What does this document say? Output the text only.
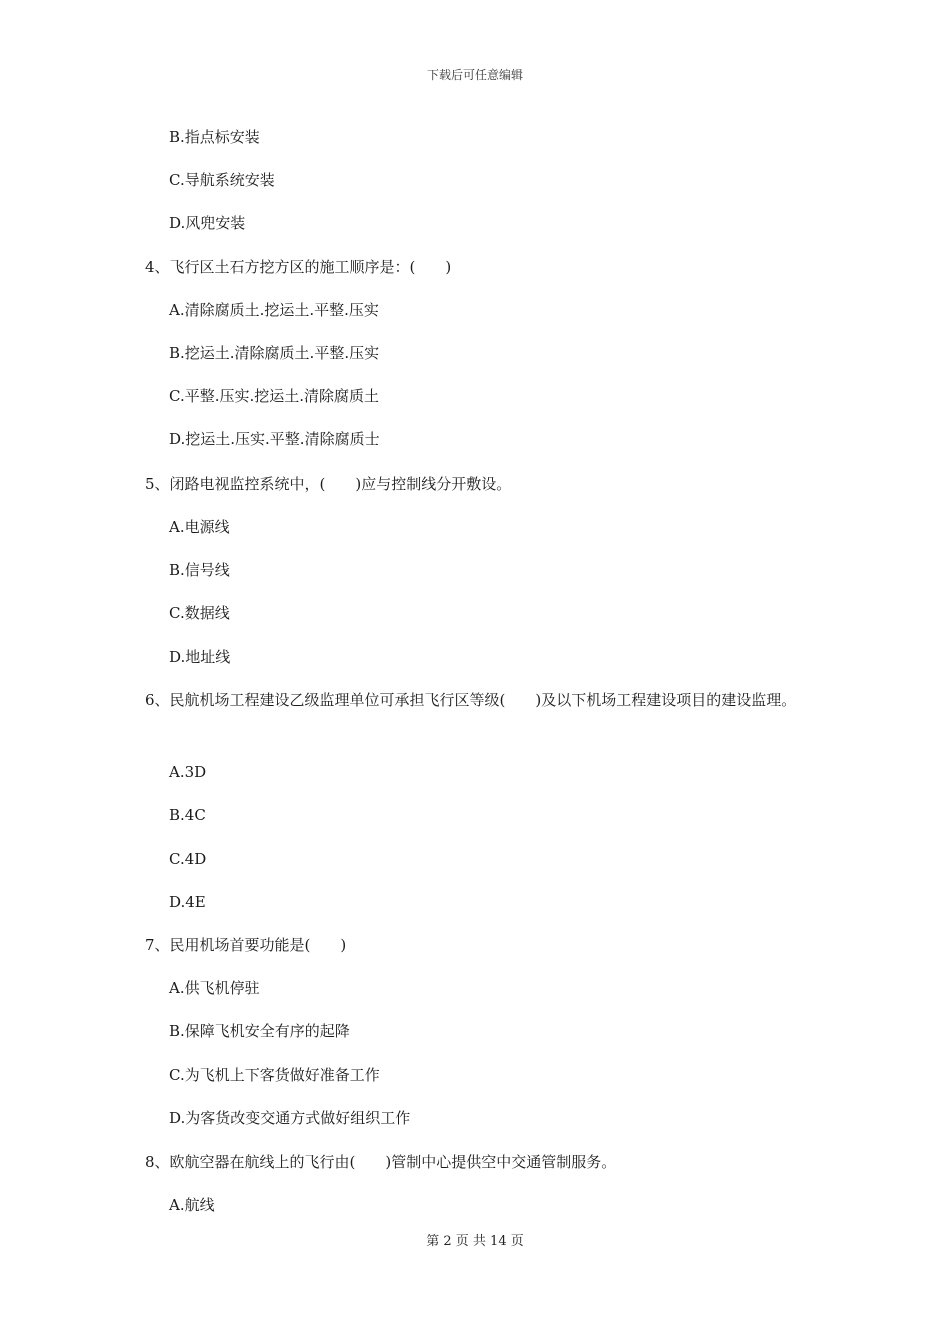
下载后可任意编辑
B.指点标安装
C.导航系统安装
D.风兜安装
4、飞行区土石方挖方区的施工顺序是：(　　)
A.清除腐质土.挖运土.平整.压实
B.挖运土.清除腐质土.平整.压实
C.平整.压实.挖运土.清除腐质土
D.挖运土.压实.平整.清除腐质士
5、闭路电视监控系统中，(　　)应与控制线分开敷设。
A.电源线
B.信号线
C.数据线
D.地址线
6、民航机场工程建设乙级监理单位可承担飞行区等级(　　)及以下机场工程建设项目的建设监理。
A.3D
B.4C
C.4D
D.4E
7、民用机场首要功能是(　　)
A.供飞机停驻
B.保障飞机安全有序的起降
C.为飞机上下客货做好准备工作
D.为客货改变交通方式做好组织工作
8、欧航空器在航线上的飞行由(　　)管制中心提供空中交通管制服务。
A.航线
第 2 页 共 14 页
